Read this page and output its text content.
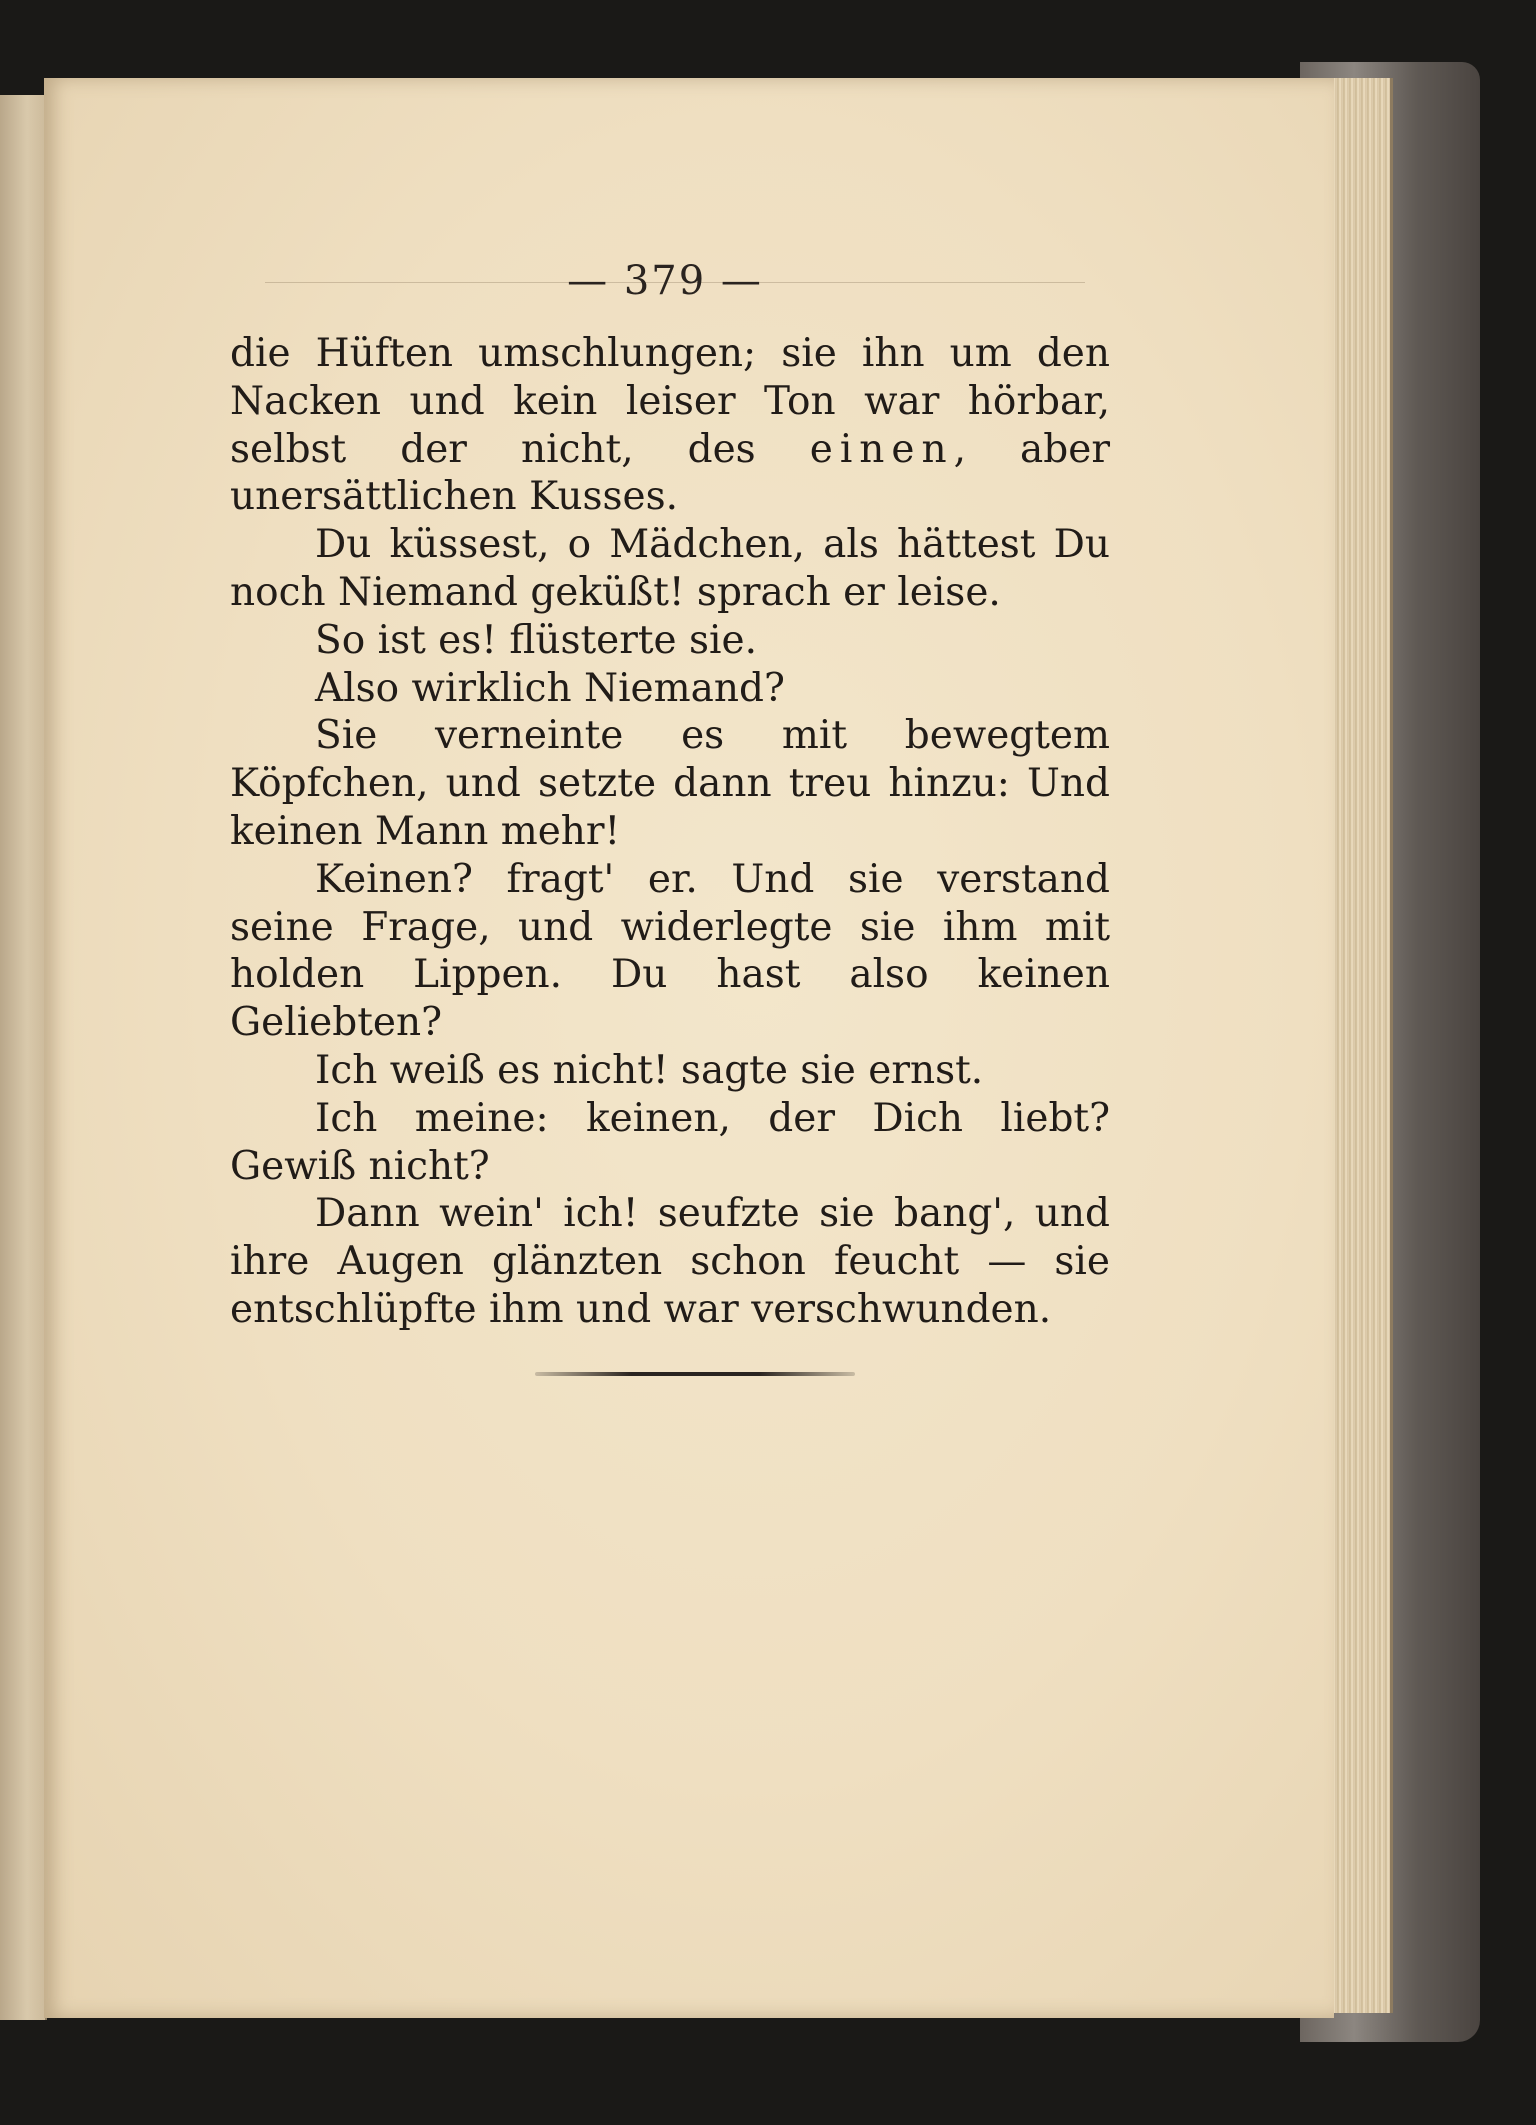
— 379 —

die Hüften umschlungen; sie ihn um den Nacken und kein leiser Ton war hörbar, selbst der nicht, des einen, aber unersättlichen Kusses.

Du küssest, o Mädchen, als hättest Du noch Niemand geküßt! sprach er leise.

So ist es! flüsterte sie.

Also wirklich Niemand?

Sie verneinte es mit bewegtem Köpfchen, und setzte dann treu hinzu: Und keinen Mann mehr!

Keinen? fragt' er. Und sie verstand seine Frage, und widerlegte sie ihm mit holden Lippen. Du hast also keinen Geliebten?

Ich weiß es nicht! sagte sie ernst.

Ich meine: keinen, der Dich liebt? Gewiß nicht?

Dann wein' ich! seufzte sie bang', und ihre Augen glänzten schon feucht — sie entschlüpfte ihm und war verschwunden.
